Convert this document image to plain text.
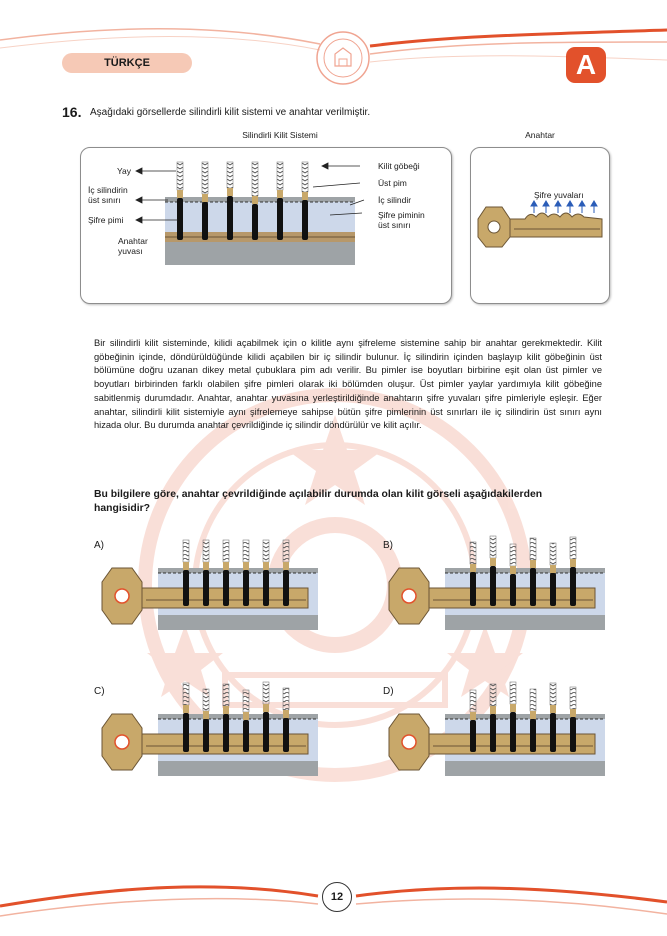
TÜRKÇE	A
16. Aşağıdaki görsellerde silindirli kilit sistemi ve anahtar verilmiştir.
Silindirli Kilit Sistemi	Anahtar
Yay
İç silindirin
üst sınırı
Şifre pimi
Anahtar
yuvası
Kilit göbeği
Üst pim
İç silindir
Şifre piminin
üst sınırı
Şifre yuvaları
Bir silindirli kilit sisteminde, kilidi açabilmek için o kilitle aynı şifreleme sistemine sahip bir anahtar gerekmektedir. Kilit göbeğinin içinde, döndürüldüğünde kilidi açabilen bir iç silindir bulunur. İç silindirin içinden başlayıp kilit göbeğinin üst bölümüne doğru uzanan dikey metal çubuklara pim adı verilir. Bu pimler ise boyutları birbirine eşit olan üst pimler ve boyutları birbirinden farklı olabilen şifre pimleri olarak iki bölümden oluşur. Üst pimler yaylar yardımıyla kilit göbeğine sabitlenmiş durumdadır. Anahtar, anahtar yuvasına yerleştirildiğinde anahtarın şifre yuvaları şifre pimleriyle eşleşir. Eğer anahtar, silindirli kilit sistemiyle aynı şifrelemeye sahipse bütün şifre pimlerinin üst sınırları ile iç silindirin üst sınırı aynı hizada olur. Bu durumda anahtar çevrildiğinde iç silindir döndürülür ve kilit açılır.
Bu bilgilere göre, anahtar çevrildiğinde açılabilir durumda olan kilit görseli aşağıdakilerden hangisidir?
A)	B)
C)	D)
12
